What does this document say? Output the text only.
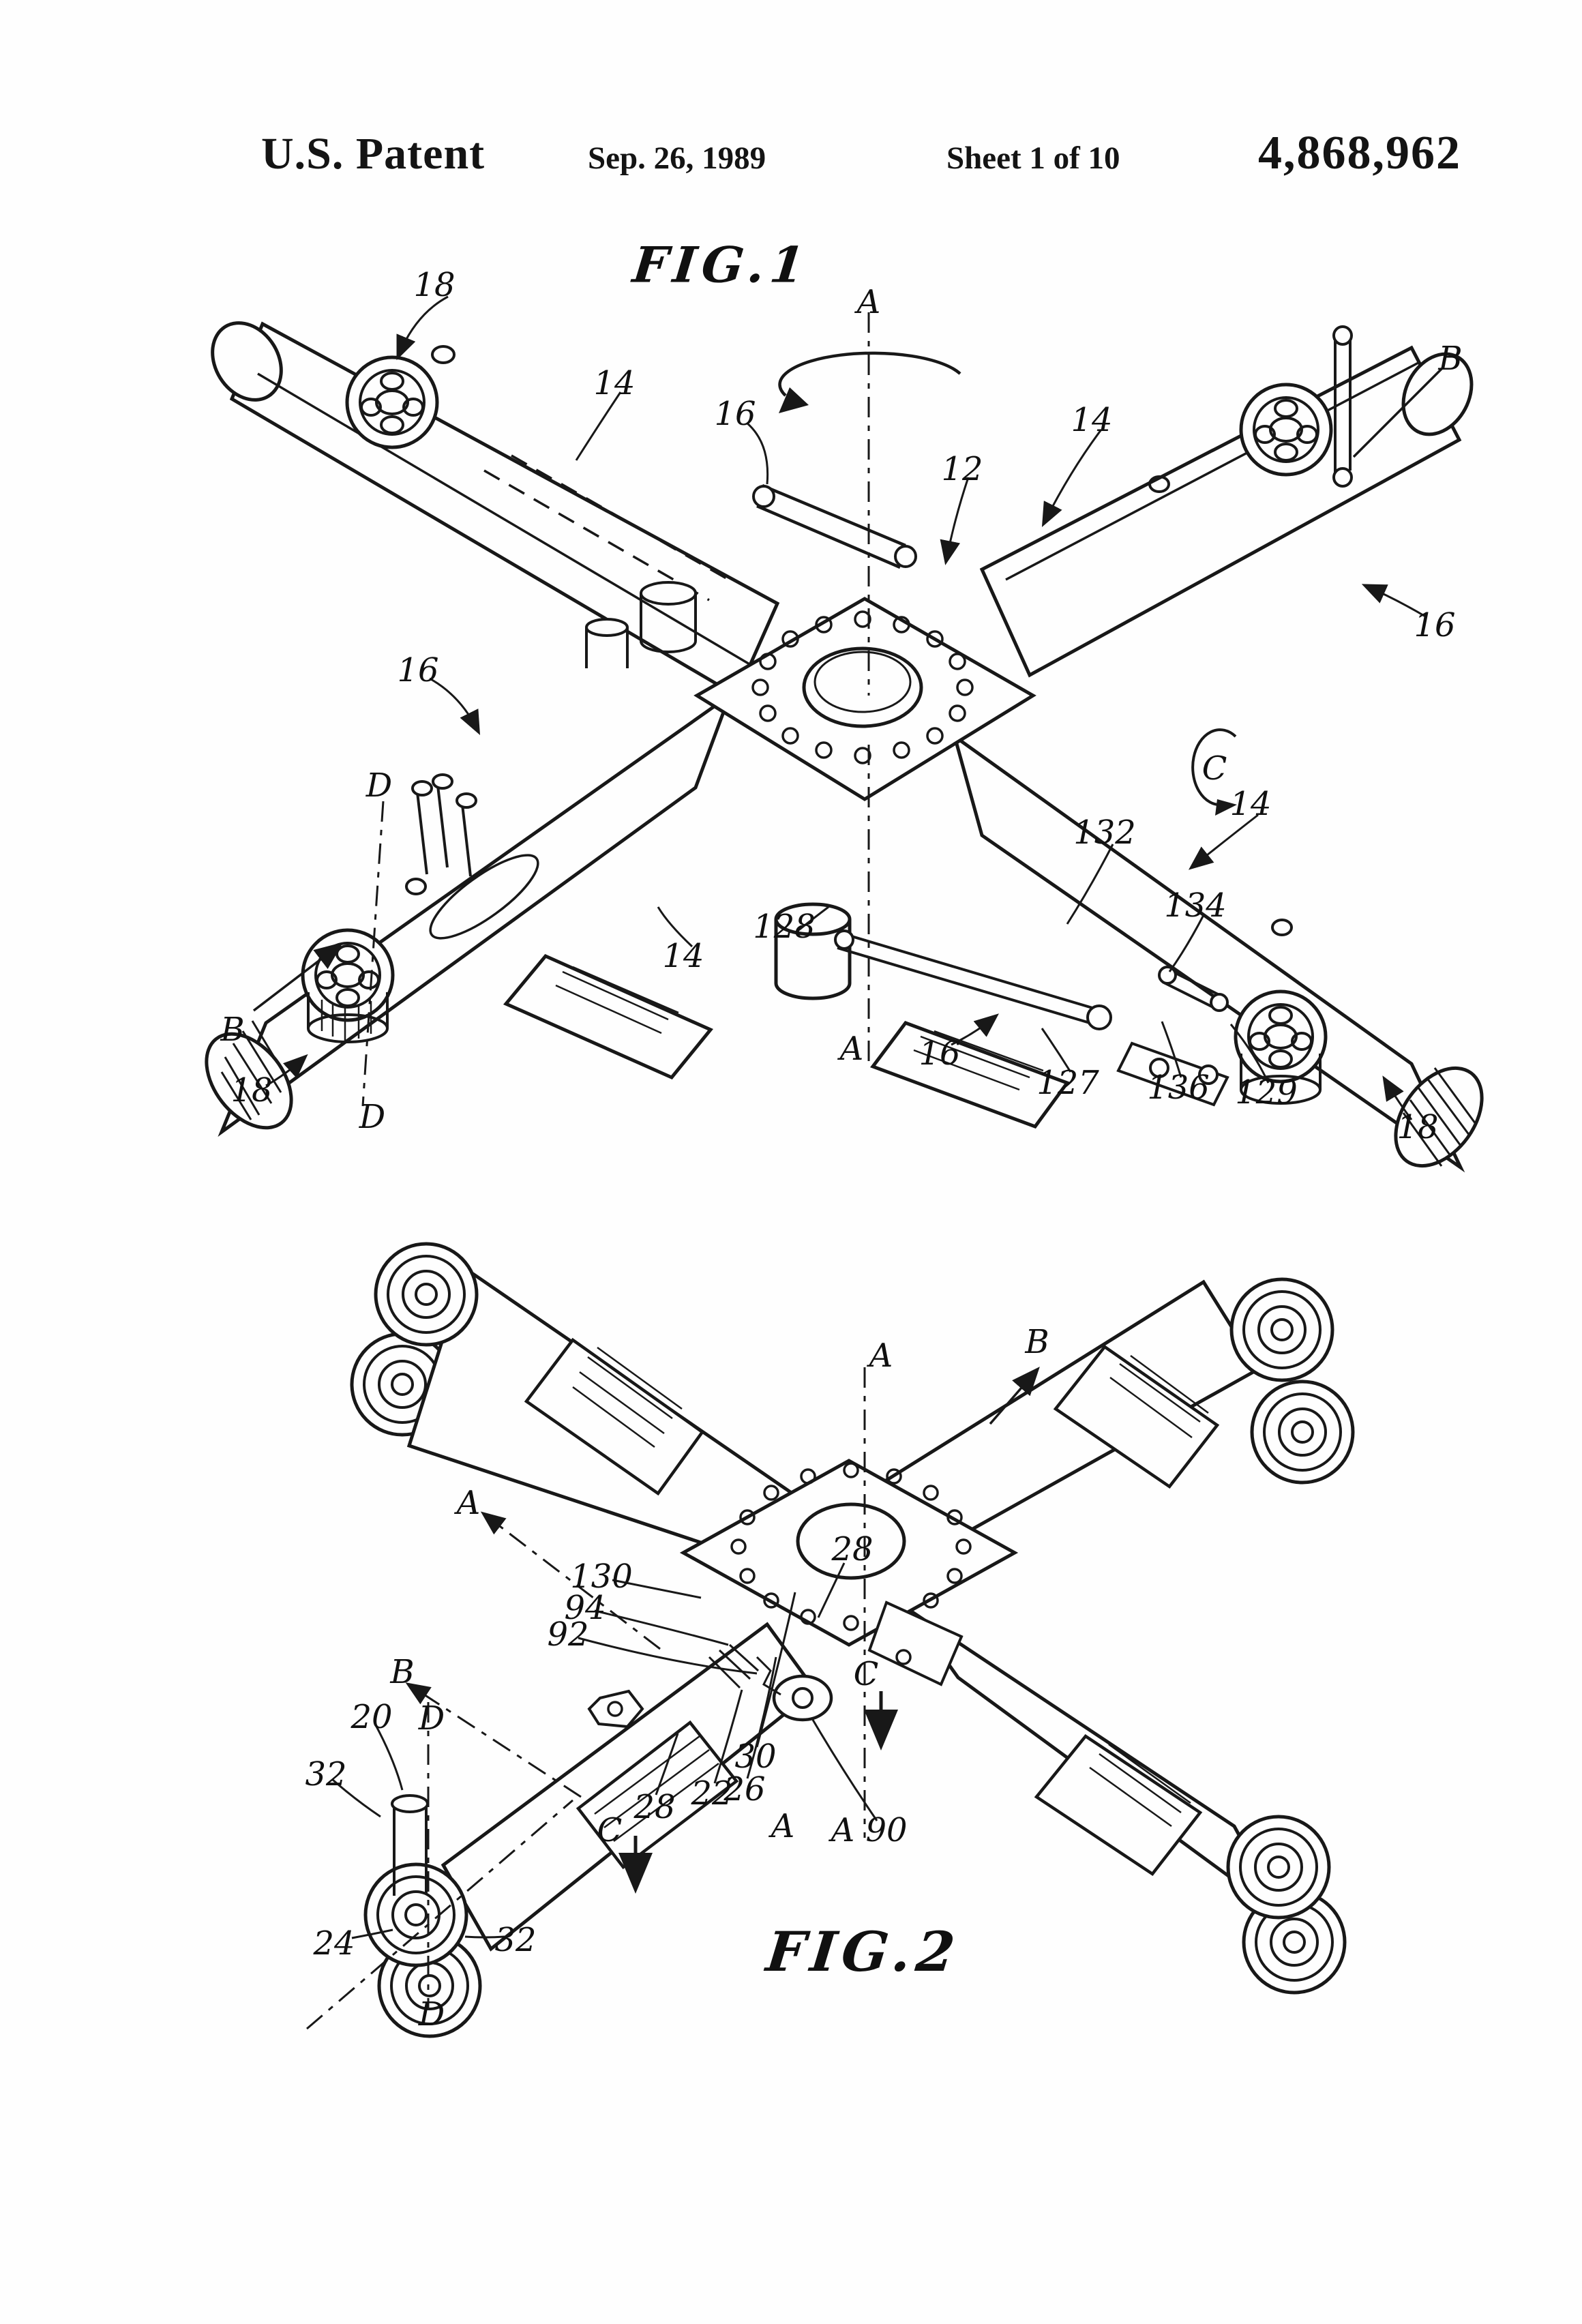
U.S. Patent	Sep. 26, 1989	Sheet 1 of 10	4,868,962
FIG.1
18
14
16
A
14
B
12
16
16
D	C
14
132
134
128
14
B
18
D
A 16
127 136 129
18
FIG.2
A	B
A
130
94
92
28
B
20 D
32
C
28
C
22
26
30
A A 90
24	32
D
